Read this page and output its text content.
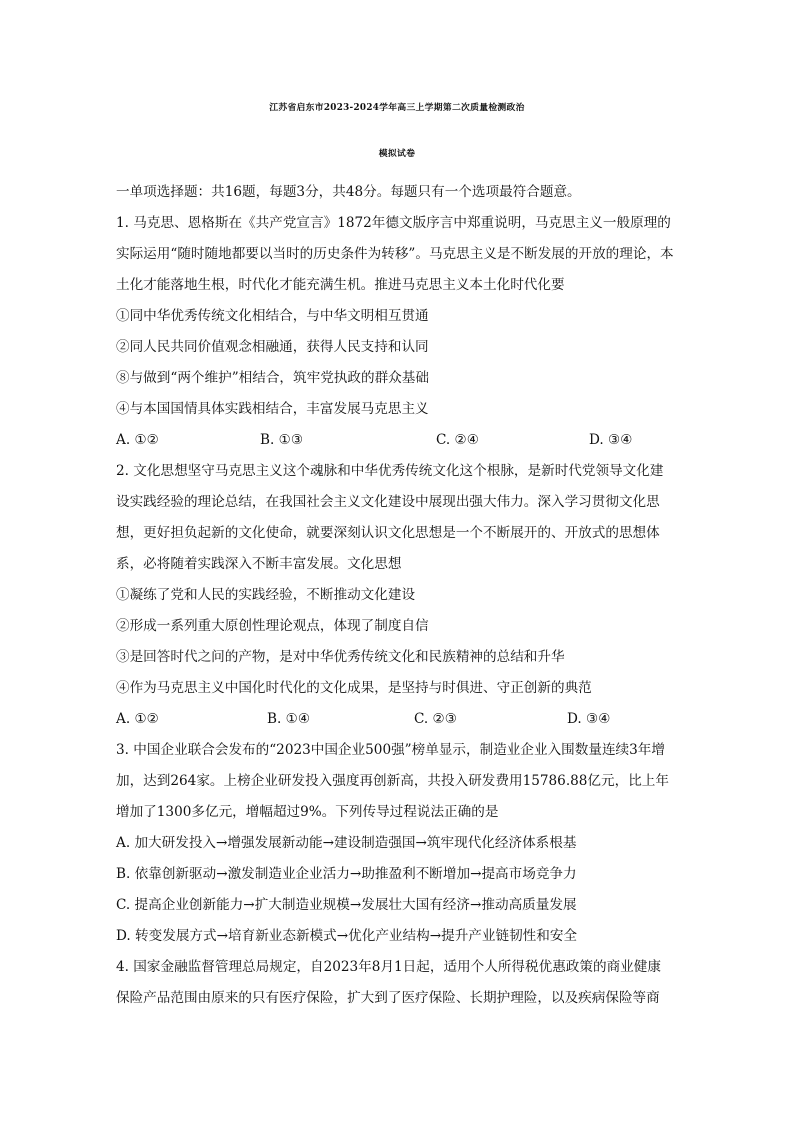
江苏省启东市2023-2024学年高三上学期第二次质量检测政治
模拟试卷
一单项选择题：共16题，每题3分，共48分。每题只有一个选项最符合题意。
1. 马克思、恩格斯在《共产党宣言》1872年德文版序言中郑重说明，马克思主义一般原理的
实际运用“随时随地都要以当时的历史条件为转移”。马克思主义是不断发展的开放的理论，本
土化才能落地生根，时代化才能充满生机。推进马克思主义本土化时代化要
①同中华优秀传统文化相结合，与中华文明相互贯通
②同人民共同价值观念相融通，获得人民支持和认同
⑧与做到“两个维护”相结合，筑牢党执政的群众基础
④与本国国情具体实践相结合，丰富发展马克思主义
A. ①②	B. ①③	C. ②④	D. ③④
2. 文化思想坚守马克思主义这个魂脉和中华优秀传统文化这个根脉，是新时代党领导文化建
设实践经验的理论总结，在我国社会主义文化建设中展现出强大伟力。深入学习贯彻文化思
想，更好担负起新的文化使命，就要深刻认识文化思想是一个不断展开的、开放式的思想体
系，必将随着实践深入不断丰富发展。文化思想
①凝练了党和人民的实践经验，不断推动文化建设
②形成一系列重大原创性理论观点，体现了制度自信
③是回答时代之问的产物，是对中华优秀传统文化和民族精神的总结和升华
④作为马克思主义中国化时代化的文化成果，是坚持与时俱进、守正创新的典范
A. ①②	B. ①④	C. ②③	D. ③④
3. 中国企业联合会发布的“2023中国企业500强”榜单显示，制造业企业入围数量连续3年增
加，达到264家。上榜企业研发投入强度再创新高，共投入研发费用15786.88亿元，比上年
增加了1300多亿元，增幅超过9%。下列传导过程说法正确的是
A. 加大研发投入→增强发展新动能→建设制造强国→筑牢现代化经济体系根基
B. 依靠创新驱动→激发制造业企业活力→助推盈利不断增加→提高市场竞争力
C. 提高企业创新能力→扩大制造业规模→发展壮大国有经济→推动高质量发展
D. 转变发展方式→培育新业态新模式→优化产业结构→提升产业链韧性和安全
4. 国家金融监督管理总局规定，自2023年8月1日起，适用个人所得税优惠政策的商业健康
保险产品范围由原来的只有医疗保险，扩大到了医疗保险、长期护理险，以及疾病保险等商
